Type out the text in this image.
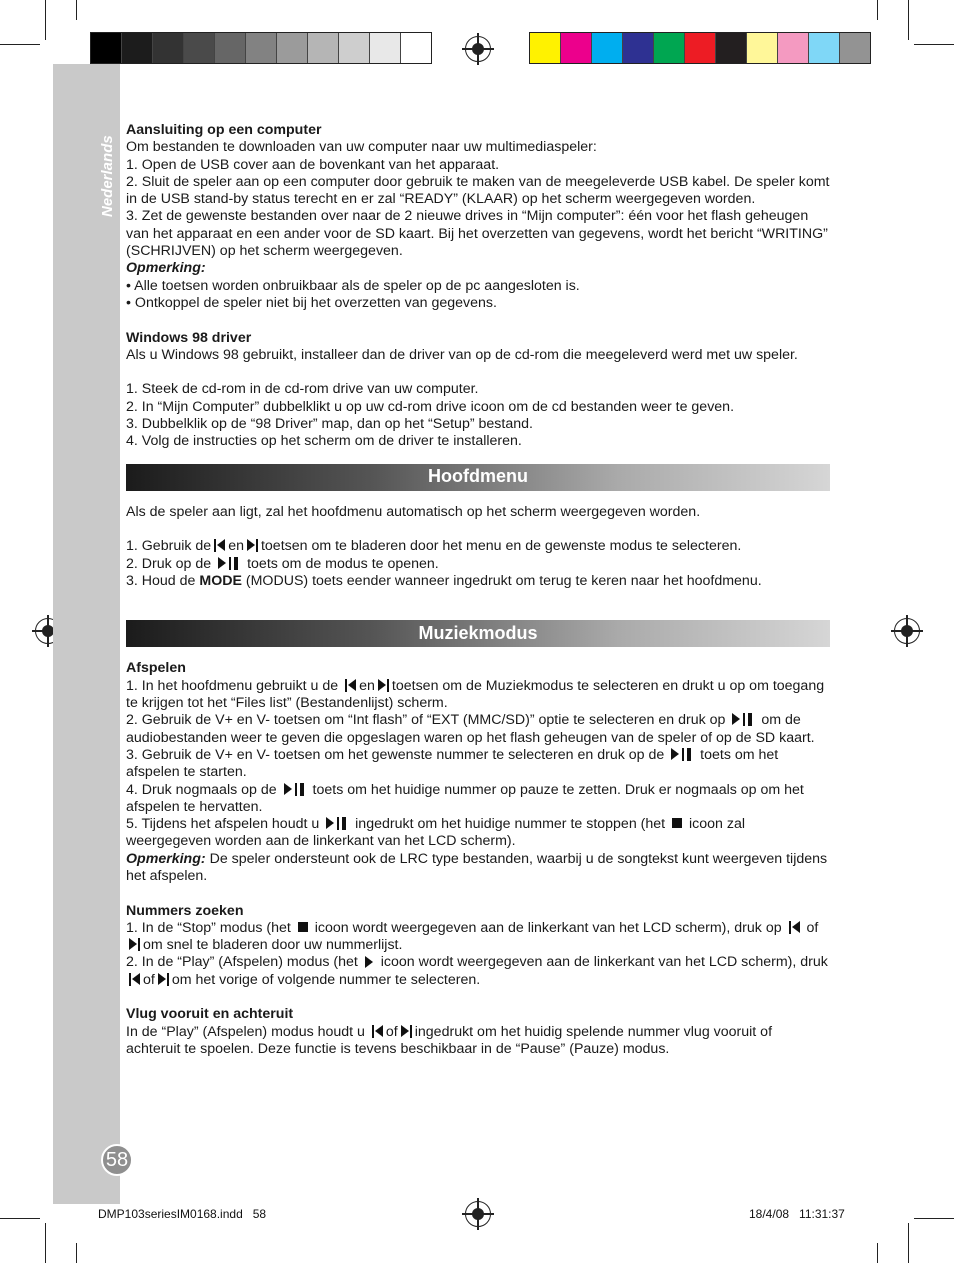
Nederlands
58

Aansluiting op een computer

Om bestanden te downloaden van uw computer naar uw multimediaspeler:

1. Open de USB cover aan de bovenkant van het apparaat.

2. Sluit de speler aan op een computer door gebruik te maken van de meegeleverde USB kabel. De speler komt in de USB stand-by status terecht en er zal “READY” (KLAAR) op het scherm weergegeven worden.

3. Zet de gewenste bestanden over naar de 2 nieuwe drives in “Mijn computer”: één voor het flash geheugen van het apparaat en een ander voor de SD kaart. Bij het overzetten van gegevens, wordt het bericht “WRITING” (SCHRIJVEN) op het scherm weergegeven.

Opmerking:

• Alle toetsen worden onbruikbaar als de speler op de pc aangesloten is.

• Ontkoppel de speler niet bij het overzetten van gegevens.

Windows 98 driver

Als u Windows 98 gebruikt, installeer dan de driver van op de cd-rom die meegeleverd werd met uw speler.

1. Steek de cd-rom in de cd-rom drive van uw computer.

2. In “Mijn Computer” dubbelklikt u op uw cd-rom drive icoon om de cd bestanden weer te geven.

3. Dubbelklik op de “98 Driver” map, dan op het “Setup” bestand.

4. Volg de instructies op het scherm om de driver te installeren.

Hoofdmenu

Als de speler aan ligt, zal het hoofdmenu automatisch op het scherm weergegeven worden.

1. Gebruik de en toetsen om te bladeren door het menu en de gewenste modus te selecteren.

2. Druk op de	toets om de modus te openen.

3. Houd de MODE (MODUS) toets eender wanneer ingedrukt om terug te keren naar het hoofdmenu.

Muziekmodus

Afspelen

1. In het hoofdmenu gebruikt u de en toetsen om de Muziekmodus te selecteren en drukt u op om toegang te krijgen tot het “Files list” (Bestandenlijst) scherm.

2. Gebruik de V+ en V- toetsen om “Int flash” of “EXT (MMC/SD)” optie te selecteren en druk op	om de audiobestanden weer te geven die opgeslagen waren op het flash geheugen van de speler of op de SD kaart.

3. Gebruik de V+ en V- toetsen om het gewenste nummer te selecteren en druk op de	toets om het afspelen te starten.

4. Druk nogmaals op de	toets om het huidige nummer op pauze te zetten. Druk er nogmaals op om het afspelen te hervatten.

5. Tijdens het afspelen houdt u	ingedrukt om het huidige nummer te stoppen (het icoon zal weergegeven worden aan de linkerkant van het LCD scherm).

Opmerking: De speler ondersteunt ook de LRC type bestanden, waarbij u de songtekst kunt weergeven tijdens het afspelen.

Nummers zoeken

1. In de “Stop” modus (het icoon wordt weergegeven aan de linkerkant van het LCD scherm), druk op ofom snel te bladeren door uw nummerlijst.

2. In de “Play” (Afspelen) modus (het icoon wordt weergegeven aan de linkerkant van het LCD scherm), druk of om het vorige of volgende nummer te selecteren.

Vlug vooruit en achteruit

In de “Play” (Afspelen) modus houdt u of ingedrukt om het huidig spelende nummer vlug vooruit of achteruit te spoelen. Deze functie is tevens beschikbaar in de “Pause” (Pauze) modus.

DMP103seriesIM0168.indd   58	18/4/08   11:31:37
